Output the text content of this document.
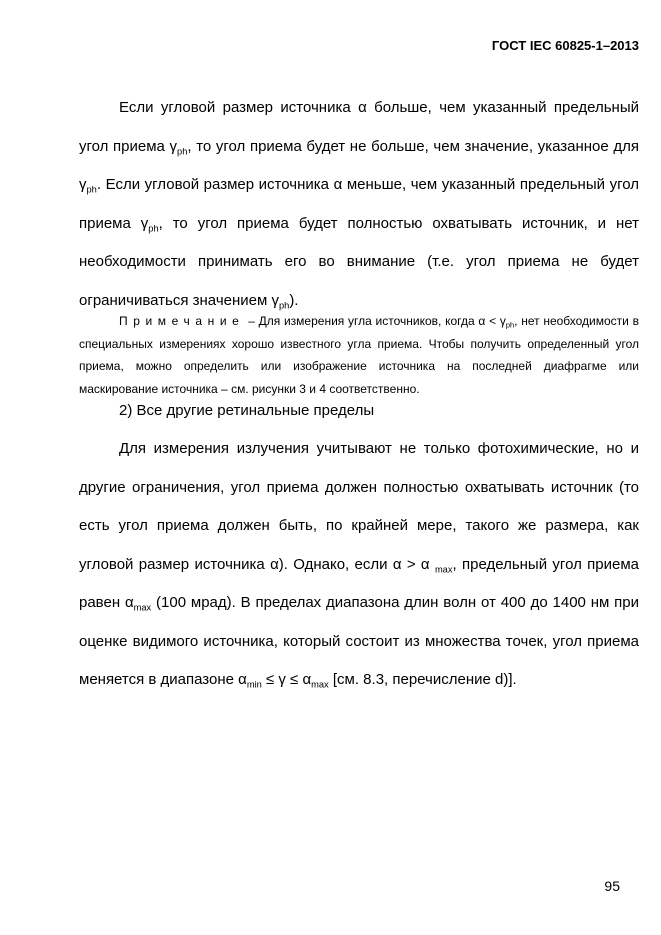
ГОСТ IEC 60825-1–2013

Если угловой размер источника α больше, чем указанный предельный угол приема $\gamma_{ph}$, то угол приема будет не больше, чем значение, указанное для $\gamma_{ph}$. Если угловой размер источника α меньше, чем указанный предельный угол приема $\gamma_{ph}$, то угол приема будет полностью охватывать источник, и нет необходимости принимать его во внимание (т.е. угол приема не будет ограничиваться значением $\gamma_{ph}$).

Примечание – Для измерения угла источников, когда $\alpha < \gamma_{ph}$, нет необходимости в специальных измерениях хорошо известного угла приема. Чтобы получить определенный угол приема, можно определить или изображение источника на последней диафрагме или маскирование источника – см. рисунки 3 и 4 соответственно.

2) Все другие ретинальные пределы

Для измерения излучения учитывают не только фотохимические, но и другие ограничения, угол приема должен полностью охватывать источник (то есть угол приема должен быть, по крайней мере, такого же размера, как угловой размер источника α). Однако, если α > α $_{max}$, предельный угол приема равен $\alpha_{max}$ (100 мрад). В пределах диапазона длин волн от 400 до 1400 нм при оценке видимого источника, который состоит из множества точек, угол приема меняется в диапазоне $\alpha_{min} \le \gamma \le \alpha_{max}$ [см. 8.3, перечисление d)].

95
